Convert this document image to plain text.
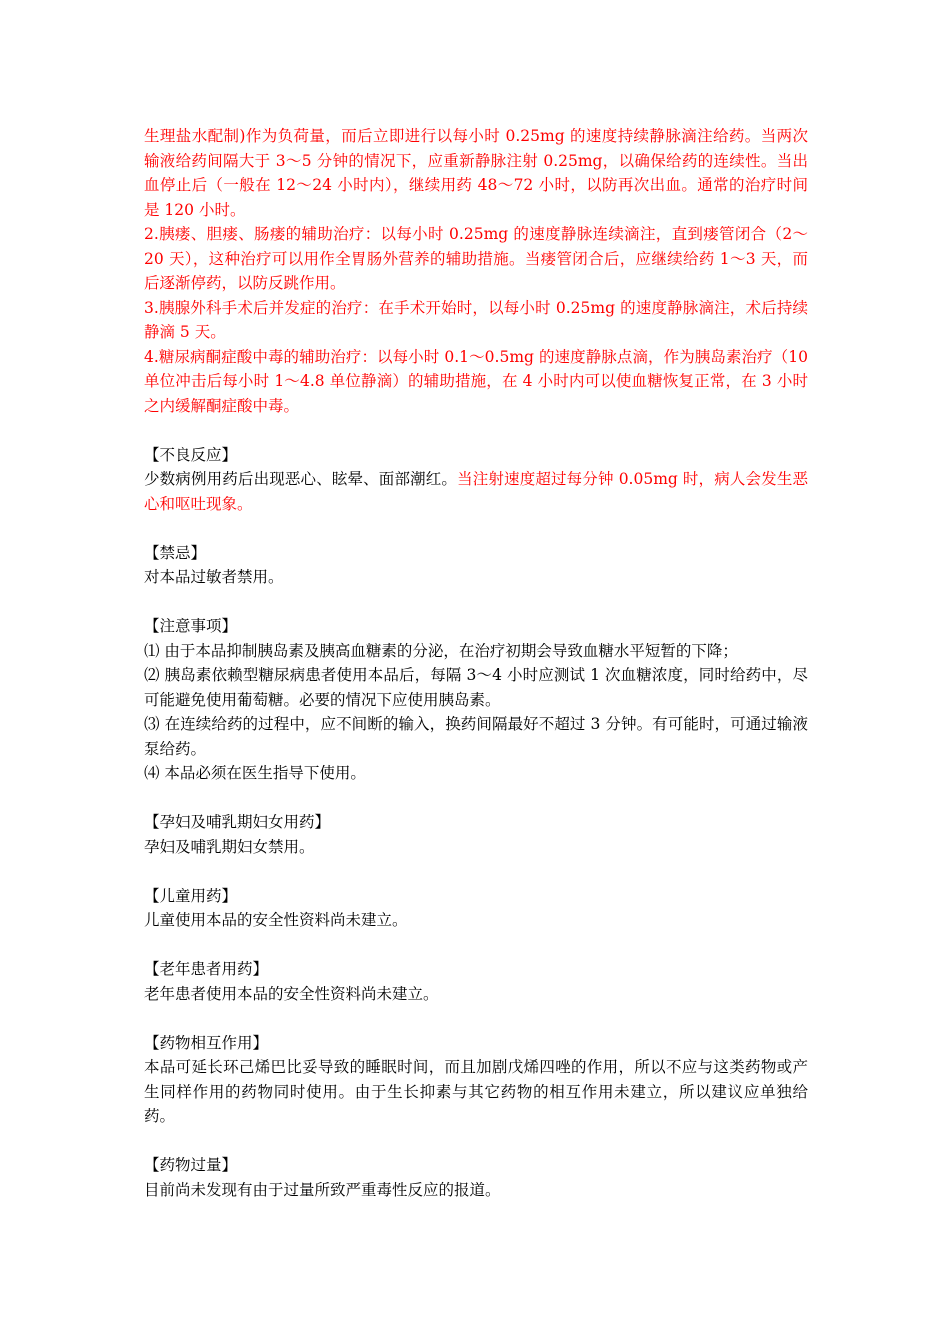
生理盐水配制)作为负荷量，而后立即进行以每小时 0.25mg 的速度持续静脉滴注给药。当两次输液给药间隔大于 3～5 分钟的情况下，应重新静脉注射 0.25mg，以确保给药的连续性。当出血停止后（一般在 12～24 小时内），继续用药 48～72 小时，以防再次出血。通常的治疗时间是 120 小时。

2.胰瘘、胆瘘、肠瘘的辅助治疗：以每小时 0.25mg 的速度静脉连续滴注，直到瘘管闭合（2～20 天），这种治疗可以用作全胃肠外营养的辅助措施。当瘘管闭合后，应继续给药 1～3 天，而后逐渐停药，以防反跳作用。

3.胰腺外科手术后并发症的治疗：在手术开始时，以每小时 0.25mg 的速度静脉滴注，术后持续静滴 5 天。

4.糖尿病酮症酸中毒的辅助治疗：以每小时 0.1～0.5mg 的速度静脉点滴，作为胰岛素治疗（10 单位冲击后每小时 1～4.8 单位静滴）的辅助措施，在 4 小时内可以使血糖恢复正常，在 3 小时之内缓解酮症酸中毒。

【不良反应】

少数病例用药后出现恶心、眩晕、面部潮红。当注射速度超过每分钟 0.05mg 时，病人会发生恶心和呕吐现象。

【禁忌】

对本品过敏者禁用。

【注意事项】

⑴ 由于本品抑制胰岛素及胰高血糖素的分泌，在治疗初期会导致血糖水平短暂的下降；

⑵ 胰岛素依赖型糖尿病患者使用本品后，每隔 3～4 小时应测试 1 次血糖浓度，同时给药中，尽可能避免使用葡萄糖。必要的情况下应使用胰岛素。

⑶ 在连续给药的过程中，应不间断的输入，换药间隔最好不超过 3 分钟。有可能时，可通过输液泵给药。

⑷ 本品必须在医生指导下使用。

【孕妇及哺乳期妇女用药】

孕妇及哺乳期妇女禁用。

【儿童用药】

儿童使用本品的安全性资料尚未建立。

【老年患者用药】

老年患者使用本品的安全性资料尚未建立。

【药物相互作用】

本品可延长环己烯巴比妥导致的睡眠时间，而且加剧戊烯四唑的作用，所以不应与这类药物或产生同样作用的药物同时使用。由于生长抑素与其它药物的相互作用未建立，所以建议应单独给药。

【药物过量】

目前尚未发现有由于过量所致严重毒性反应的报道。
